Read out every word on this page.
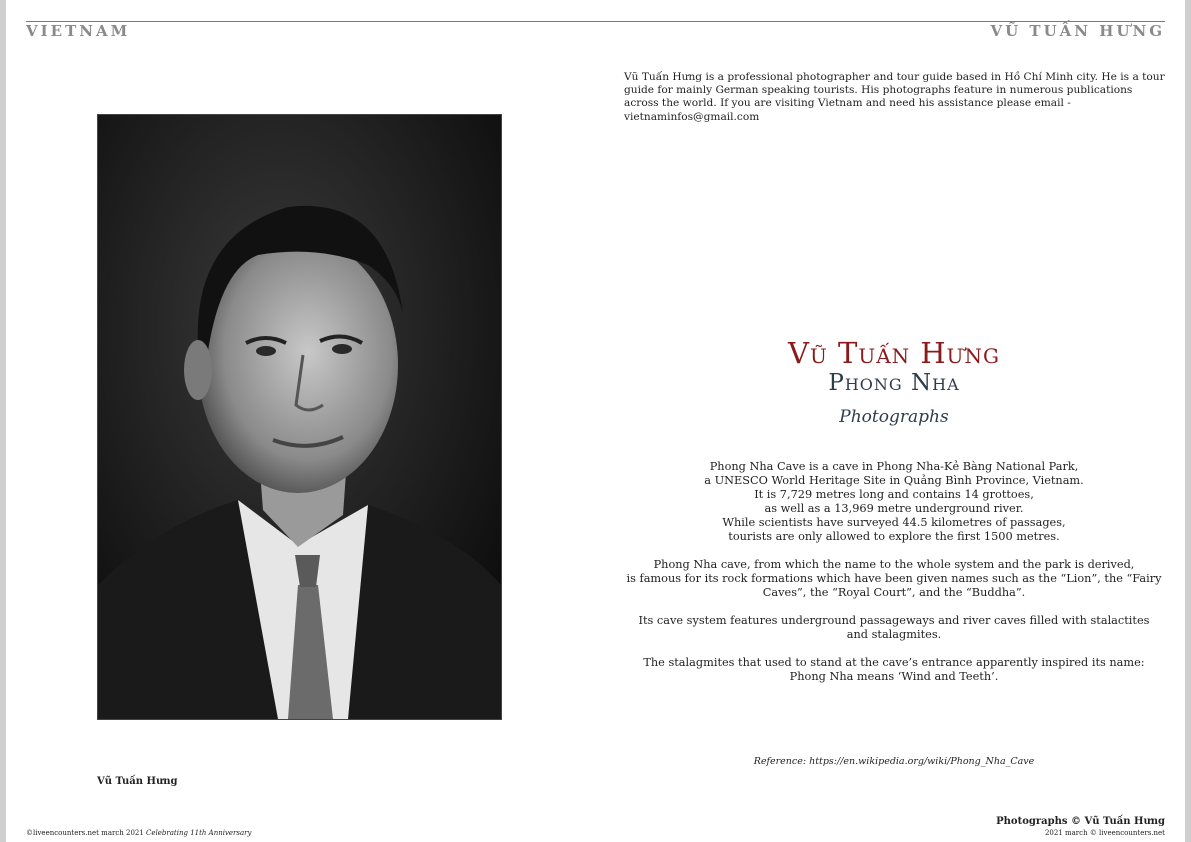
VIETNAM	VŨ TUẤN HƯNG
Vũ Tuấn Hưng is a professional photographer and tour guide based in Hồ Chí Minh city. He is a tour guide for mainly German speaking tourists. His photographs feature in numerous publications across the world. If you are visiting Vietnam and need his assistance please email - vietnaminfos@gmail.com
Vũ Tuấn Hưng
Vũ Tuấn Hưng
Phong Nha
Photographs

Phong Nha Cave is a cave in Phong Nha-Kẻ Bàng National Park,
a UNESCO World Heritage Site in Quảng Bình Province, Vietnam.
It is 7,729 metres long and contains 14 grottoes,
as well as a 13,969 metre underground river.
While scientists have surveyed 44.5 kilometres of passages,
tourists are only allowed to explore the first 1500 metres.

Phong Nha cave, from which the name to the whole system and the park is derived,
is famous for its rock formations which have been given names such as the “Lion”, the “Fairy
Caves”, the “Royal Court”, and the “Buddha”.

Its cave system features underground passageways and river caves filled with stalactites
and stalagmites.

The stalagmites that used to stand at the cave’s entrance apparently inspired its name:
Phong Nha means ‘Wind and Teeth’.

Reference: https://en.wikipedia.org/wiki/Phong_Nha_Cave
©liveencounters.net march 2021 Celebrating 11th Anniversary
Photographs © Vũ Tuấn Hưng
2021 march © liveencounters.net
